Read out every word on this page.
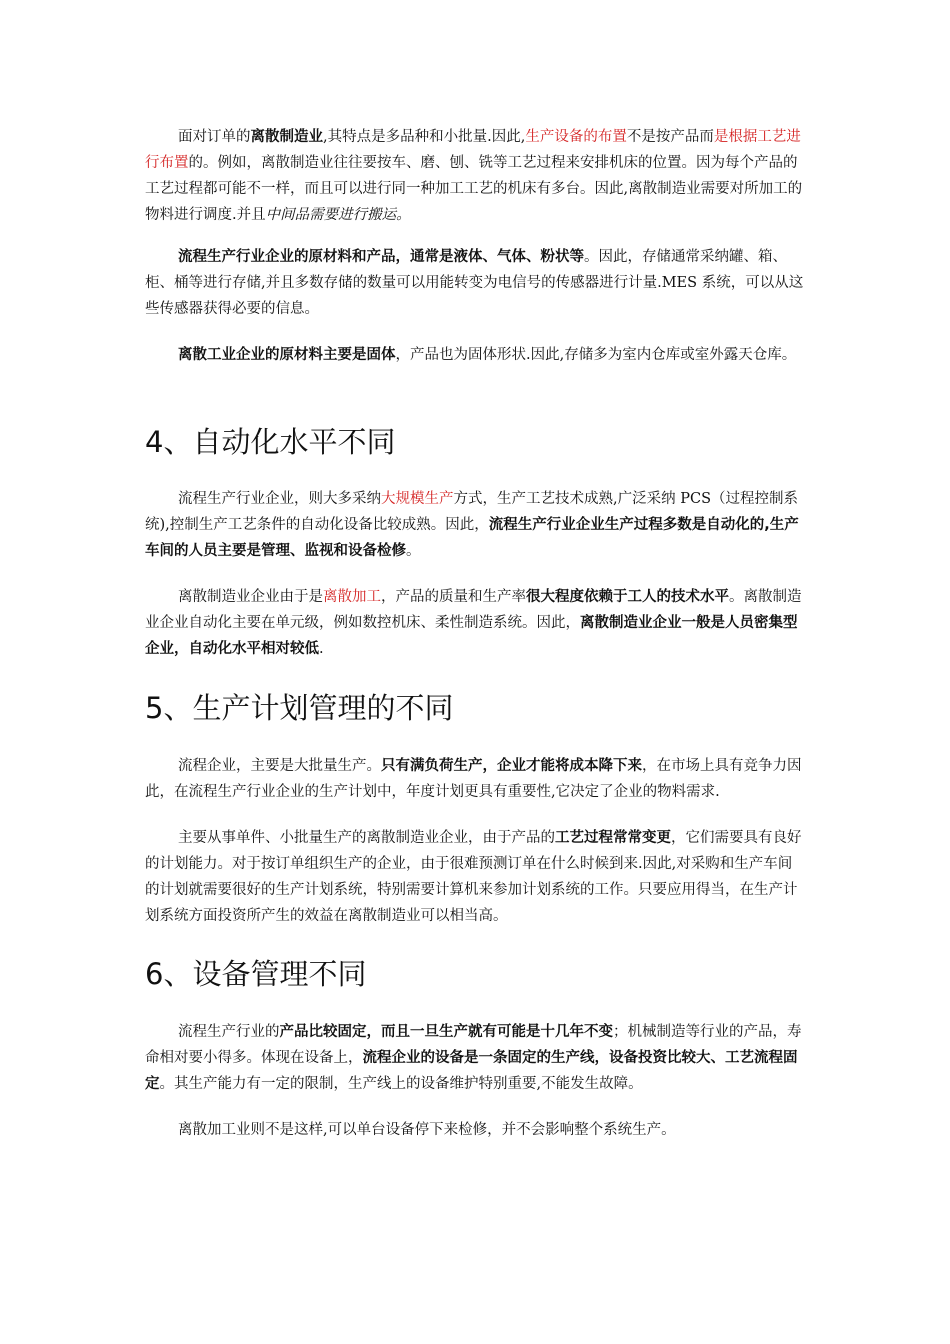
面对订单的离散制造业,其特点是多品种和小批量.因此,生产设备的布置不是按产品而是根据工艺进行布置的。例如，离散制造业往往要按车、磨、刨、铣等工艺过程来安排机床的位置。因为每个产品的工艺过程都可能不一样，而且可以进行同一种加工工艺的机床有多台。因此,离散制造业需要对所加工的物料进行调度.并且中间品需要进行搬运。

流程生产行业企业的原材料和产品，通常是液体、气体、粉状等。因此，存储通常采纳罐、箱、柜、桶等进行存储,并且多数存储的数量可以用能转变为电信号的传感器进行计量.MES 系统，可以从这些传感器获得必要的信息。

离散工业企业的原材料主要是固体，产品也为固体形状.因此,存储多为室内仓库或室外露天仓库。

4、自动化水平不同

流程生产行业企业，则大多采纳大规模生产方式，生产工艺技术成熟,广泛采纳 PCS（过程控制系统),控制生产工艺条件的自动化设备比较成熟。因此，流程生产行业企业生产过程多数是自动化的,生产车间的人员主要是管理、监视和设备检修。

离散制造业企业由于是离散加工，产品的质量和生产率很大程度依赖于工人的技术水平。离散制造业企业自动化主要在单元级，例如数控机床、柔性制造系统。因此，离散制造业企业一般是人员密集型企业，自动化水平相对较低.

5、生产计划管理的不同

流程企业，主要是大批量生产。只有满负荷生产，企业才能将成本降下来，在市场上具有竞争力因此，在流程生产行业企业的生产计划中，年度计划更具有重要性,它决定了企业的物料需求.

主要从事单件、小批量生产的离散制造业企业，由于产品的工艺过程常常变更，它们需要具有良好的计划能力。对于按订单组织生产的企业，由于很难预测订单在什么时候到来.因此,对采购和生产车间的计划就需要很好的生产计划系统，特别需要计算机来参加计划系统的工作。只要应用得当，在生产计划系统方面投资所产生的效益在离散制造业可以相当高。

6、设备管理不同

流程生产行业的产品比较固定，而且一旦生产就有可能是十几年不变；机械制造等行业的产品，寿命相对要小得多。体现在设备上，流程企业的设备是一条固定的生产线，设备投资比较大、工艺流程固定。其生产能力有一定的限制，生产线上的设备维护特别重要,不能发生故障。

离散加工业则不是这样,可以单台设备停下来检修，并不会影响整个系统生产。
